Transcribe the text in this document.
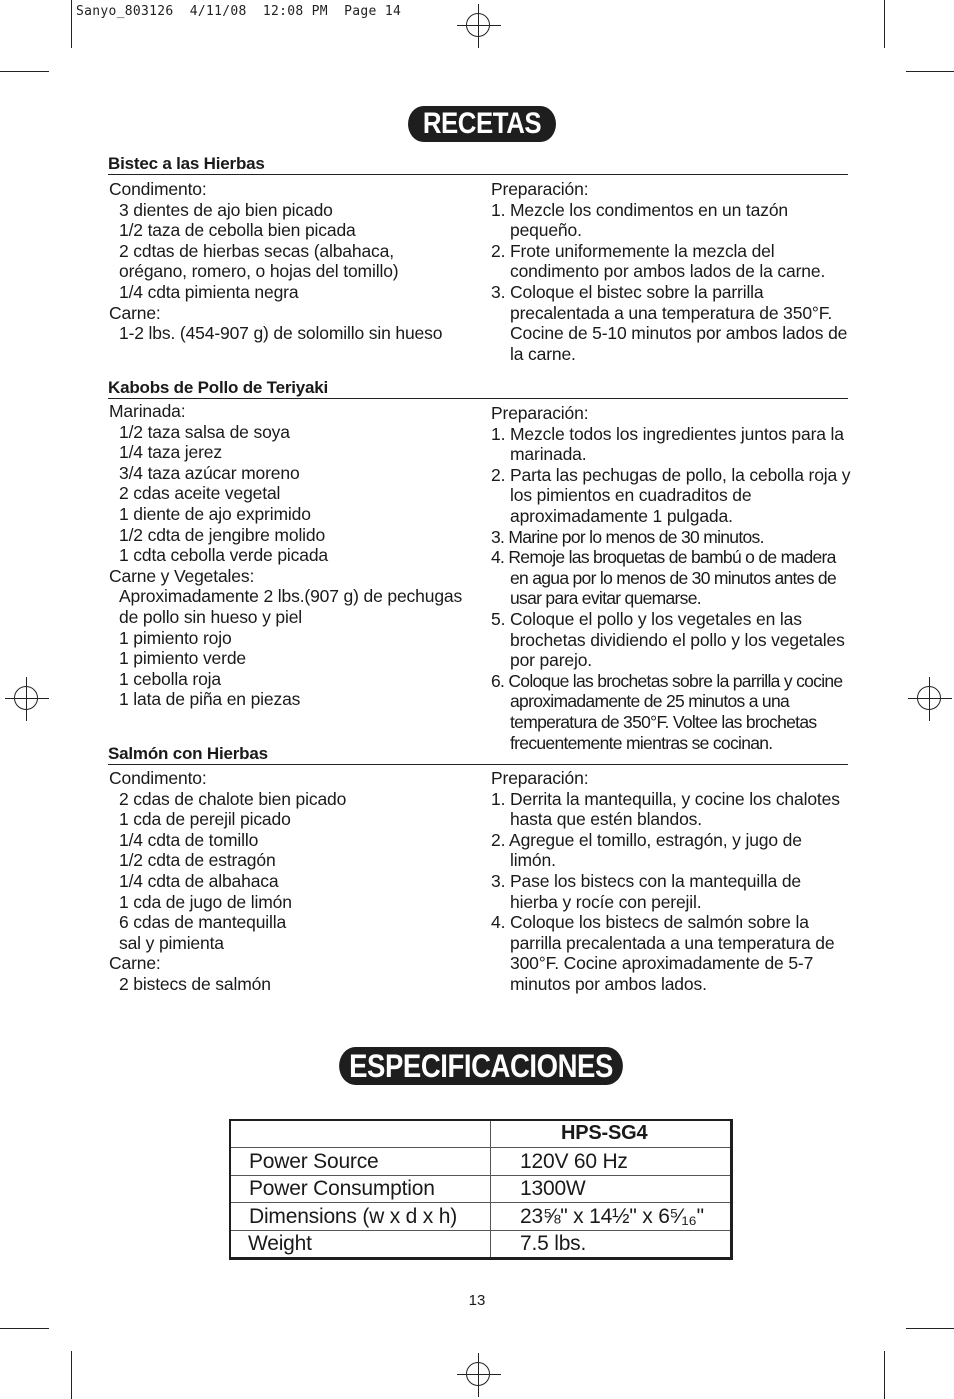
Sanyo_803126  4/11/08  12:08 PM  Page 14
RECETAS
Bistec a las Hierbas
Condimento:
3 dientes de ajo bien picado
1/2 taza de cebolla bien picada
2 cdtas de hierbas secas (albahaca,
orégano, romero, o hojas del tomillo)
1/4 cdta pimienta negra
Carne:
1-2 lbs. (454-907 g) de solomillo sin hueso
Preparación:
1. Mezcle los condimentos en un tazón pequeño.
2. Frote uniformemente la mezcla del condimento por ambos lados de la carne.
3. Coloque el bistec sobre la parrilla precalentada a una temperatura de 350°F. Cocine de 5-10 minutos por ambos lados de la carne.
Kabobs de Pollo de Teriyaki
Marinada:
1/2 taza salsa de soya
1/4 taza jerez
3/4 taza azúcar moreno
2 cdas aceite vegetal
1 diente de ajo exprimido
1/2 cdta de jengibre molido
1 cdta cebolla verde picada
Carne y Vegetales:
Aproximadamente 2 lbs.(907 g) de pechugas
de pollo sin hueso y piel
1 pimiento rojo
1 pimiento verde
1 cebolla roja
1 lata de piña en piezas
Preparación:
1. Mezcle todos los ingredientes juntos para la marinada.
2. Parta las pechugas de pollo, la cebolla roja y los pimientos en cuadraditos de aproximadamente 1 pulgada.
3. Marine por lo menos de 30 minutos.
4. Remoje las broquetas de bambú o de madera en agua por lo menos de 30 minutos antes de usar para evitar quemarse.
5. Coloque el pollo y los vegetales en las brochetas dividiendo el pollo y los vegetales por parejo.
6. Coloque las brochetas sobre la parrilla y cocine aproximadamente de 25 minutos a una temperatura de 350°F. Voltee las brochetas frecuentemente mientras se cocinan.
Salmón con Hierbas
Condimento:
2 cdas de chalote bien picado
1 cda de perejil picado
1/4 cdta de tomillo
1/2 cdta de estragón
1/4 cdta de albahaca
1 cda de jugo de limón
6 cdas de mantequilla
sal y pimienta
Carne:
2 bistecs de salmón
Preparación:
1. Derrita la mantequilla, y cocine los chalotes hasta que estén blandos.
2. Agregue el tomillo, estragón, y jugo de limón.
3. Pase los bistecs con la mantequilla de hierba y rocíe con perejil.
4. Coloque los bistecs de salmón sobre la parrilla precalentada a una temperatura de 300°F. Cocine aproximadamente de 5-7 minutos por ambos lados.
ESPECIFICACIONES
HPS-SG4
Power Source	120V 60 Hz
Power Consumption	1300W
Dimensions (w x d x h)	23⅝" x 14½" x 6⁵⁄₁₆"
Weight	7.5 lbs.
13
